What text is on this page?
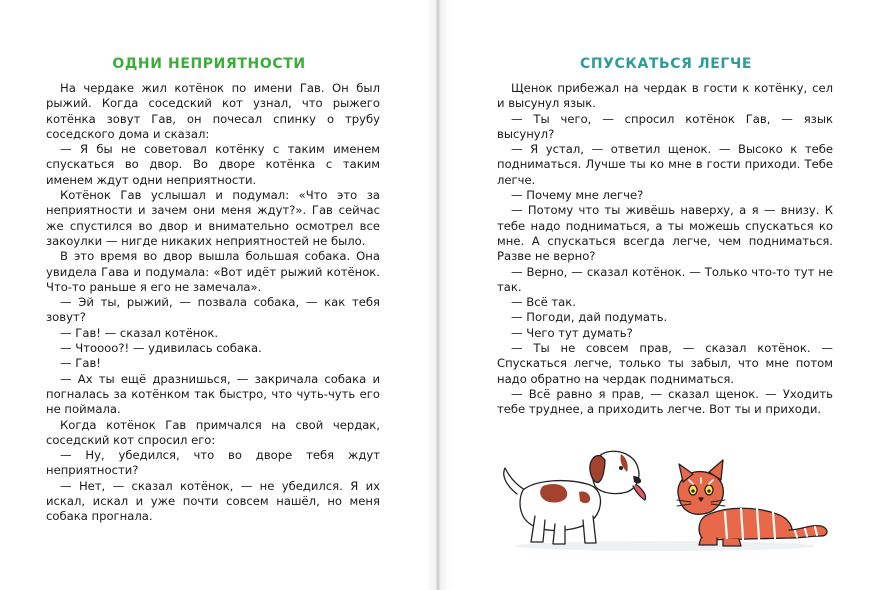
ОДНИ НЕПРИЯТНОСТИ

На чердаке жил котёнок по имени Гав. Он был рыжий. Когда соседский кот узнал, что рыжего котёнка зовут Гав, он почесал спинку о трубу соседского дома и сказал:

— Я бы не советовал котёнку с таким именем спускаться во двор. Во дворе котёнка с таким именем ждут одни неприятности.

Котёнок Гав услышал и подумал: «Что это за неприятности и зачем они меня ждут?». Гав сейчас же спустился во двор и внимательно осмотрел все закоулки — нигде никаких неприятностей не было.

В это время во двор вышла большая собака. Она увидела Гава и подумала: «Вот идёт рыжий котёнок. Что-то раньше я его не замечала».

— Эй ты, рыжий, — позвала собака, — как тебя зовут?

— Гав! — сказал котёнок.

— Чтоооо?! — удивилась собака.

— Гав!

— Ах ты ещё дразнишься, — закричала собака и погналась за котёнком так быстро, что чуть-чуть его не поймала.

Когда котёнок Гав примчался на свой чердак, соседский кот спросил его:

— Ну, убедился, что во дворе тебя ждут неприятности?

— Нет, — сказал котёнок, — не убедился. Я их искал, искал и уже почти совсем нашёл, но меня собака прогнала.

СПУСКАТЬСЯ ЛЕГЧЕ

Щенок прибежал на чердак в гости к котёнку, сел и высунул язык.

— Ты чего, — спросил котёнок Гав, — язык высунул?

— Я устал, — ответил щенок. — Высоко к тебе подниматься. Лучше ты ко мне в гости приходи. Тебе легче.

— Почему мне легче?

— Потому что ты живёшь наверху, а я — внизу. К тебе надо подниматься, а ты можешь спускаться ко мне. А спускаться всегда легче, чем подниматься. Разве не верно?

— Верно, — сказал котёнок. — Только что-то тут не так.

— Всё так.

— Погоди, дай подумать.

— Чего тут думать?

— Ты не совсем прав, — сказал котёнок. — Спускаться легче, только ты забыл, что мне потом надо обратно на чердак подниматься.

— Всё равно я прав, — сказал щенок. — Уходить тебе труднее, а приходить легче. Вот ты и приходи.
